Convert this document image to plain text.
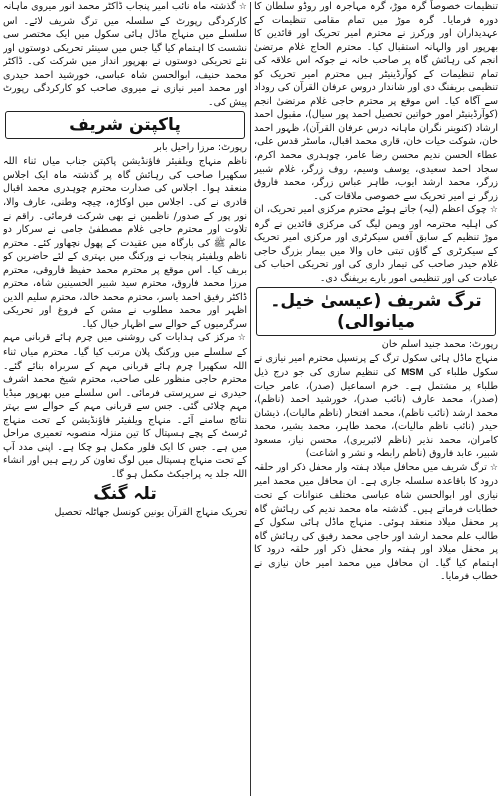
تنظیمات خصوصاً گرہ موڑ، گرہ مہاجرہ اور روڈو سلطان کا دورہ فرمایا۔ گرہ موڑ میں تمام مقامی تنظیمات کے عہدیداران اور ورکرز نے محترم امیر تحریک اور قائدین کا بھرپور اور والہانہ استقبال کیا۔ محترم الحاج غلام مرتضیٰ انجم کی رہائش گاہ پر صاحب خانہ نے جوکہ اس علاقہ کی تمام تنظیمات کے کوآرڈینیٹر ہیں محترم امیر تحریک کو تنظیمی بریفنگ دی اور شاندار دروس عرفان القرآن کی روداد سے آگاہ کیا۔ اس موقع پر محترم حاجی غلام مرتضیٰ انجم (کوآرڈینیٹر امور خواتین تحصیل احمد پور سیال)، مقبول احمد ارشاد (کنوینر نگران ماہانہ درس عرفان القرآن)، ظہور احمد خان، شوکت حیات خان، قاری محمد اقبال، ماسٹر قدس علی، عطاء الحسن ندیم محسن رضا عامر، چوہدری محمد اکرم، سجاد احمد سعیدی، یوسف وسیم، روف زرگر، غلام شبیر زرگر، محمد ارشد ایوب، طاہر عباس زرگر، محمد فاروق زرگر نے امیر تحریک سے خصوصی ملاقات کی۔

☆چوک اعظم (لیہ) جاتے ہوئے محترم مرکزی امیر تحریک، ان کی اہلیہ محترمہ اور ویمن لیگ کی مرکزی قائدین نے گرہ موڑ تنظیم کے سابق آفس سیکرٹری اور مرکزی امیر تحریک کے سیکرٹری کے گاؤں تبتی خاں والا میں بیمار بزرگ حاجی غلام حیدر صاحب کی تیمار داری کی اور تحریکی احباب کی عیادت کی اور تنظیمی امور بارے بریفنگ دی۔

ترگ شریف (عیسیٰ خیل۔ میانوالی)
رپورٹ: محمد جنید اسلم خان

منہاج ماڈل ہائی سکول ترگ کے پرنسپل محترم امیر نیازی نے سکول طلباء کی MSM کی تنظیم سازی کی جو درج ذیل طلباء پر مشتمل ہے۔ خرم اسماعیل (صدر)، عامر حیات (صدر)، محمد عارف (نائب صدر)، خورشید احمد (ناظم)، محمد ارشد (نائب ناظم)، محمد افتخار (ناظم مالیات)، ذیشان حیدر (نائب ناظم مالیات)، محمد طاہر، محمد بشیر، محمد کامران، محمد نذیر (ناظم لائبریری)، محسن نیاز، مسعود شبیر، عابد فاروق (ناظم رابطہ و نشر و اشاعت)

☆ترگ شریف میں محافل میلاد ہفتہ وار محفل ذکر اور حلقہ درود کا باقاعدہ سلسلہ جاری ہے۔ ان محافل میں محمد امیر نیازی اور ابوالحسن شاہ عباسی مختلف عنوانات کے تحت خطابات فرماتے ہیں۔ گذشتہ ماہ محمد ندیم کی رہائش گاہ پر محفل میلاد منعقد ہوئی۔ منہاج ماڈل ہائی سکول کے طالب علم محمد ارشد اور حاجی محمد رفیق کی رہائش گاہ پر محفل میلاد اور ہفتہ وار محفل ذکر اور حلقہ درود کا اہتمام کیا گیا۔ ان محافل میں محمد امیر خان نیازی نے خطاب فرمایا۔

☆گذشتہ ماہ نائب امیر پنجاب ڈاکٹر محمد انور میروی ماہانہ کارکردگی رپورٹ کے سلسلہ میں ترگ شریف لائے۔ اس سلسلے میں منہاج ماڈل ہائی سکول میں ایک مختصر سی نشست کا اہتمام کیا گیا جس میں سینئر تحریکی دوستوں اور نئے تحریکی دوستوں نے بھرپور انداز میں شرکت کی۔ ڈاکٹر محمد حنیف، ابوالحسن شاہ عباسی، خورشید احمد حیدری اور محمد امیر نیازی نے میروی صاحب کو کارکردگی رپورٹ پیش کی۔

پاکپتن شریف
رپورٹ: مرزا راحیل بابر

ناظم منہاج ویلفیئر فاؤنڈیشن پاکپتن جناب میاں ثناء اللہ سکھیرا صاحب کی رہائش گاہ پر گذشتہ ماہ ایک اجلاس منعقد ہوا۔ اجلاس کی صدارت محترم چوہدری محمد اقبال قادری نے کی۔ اجلاس میں اوکاڑہ، چیچہ وطنی، عارف والا، نور پور کے صدور/ ناظمین نے بھی شرکت فرمائی۔ راقم نے تلاوت اور محترم حاجی غلام مصطفیٰ جامی نے سرکار دو عالم ﷺ کی بارگاہ میں عقیدت کے پھول نچھاور کئے۔ محترم ناظم ویلفیئر پنجاب نے ورکنگ میں بہتری کے لئے حاضرین کو بریف کیا۔ اس موقع پر محترم محمد حفیظ فاروقی، محترم مرزا محمد فاروق، محترم سید شبیر الحسینین شاہ، محترم ڈاکٹر رفیق احمد یاسر، محترم محمد خالد، محترم سلیم الدین اظہر اور محمد مطلوب نے مشن کے فروغ اور تحریکی سرگرمیوں کے حوالے سے اظہار خیال کیا۔

☆مرکز کی ہدایات کی روشنی میں چرم ہائے قربانی مہم کے سلسلے میں ورکنگ پلان مرتب کیا گیا۔ محترم میاں ثناء اللہ سکھیرا چرم ہائے قربانی مہم کے سربراہ بنائے گئے۔ محترم حاجی منظور علی صاحب، محترم شیخ محمد اشرف حیدری نے سرپرستی فرمائی۔ اس سلسلے میں بھرپور میڈیا مہم چلائی گئی۔ جس سے قربانی مہم کے حوالے سے بہتر نتائج سامنے آئے۔ منہاج ویلفیئر فاؤنڈیشن کے تحت منہاج ٹرسٹ کے پچے ہسپتال کا تین منزلہ منصوبہ تعمیری مراحل میں ہے۔ جس کا ایک فلور مکمل ہو چکا ہے۔ اپنی مدد آپ کے تحت منہاج ہسپتال میں لوگ تعاون کر رہے ہیں اور انشاء اللہ جلد یہ پراجیکٹ مکمل ہو گا۔

تلہ گنگ

تحریک منہاج القرآن یونین کونسل جھاٹلہ تحصیل
